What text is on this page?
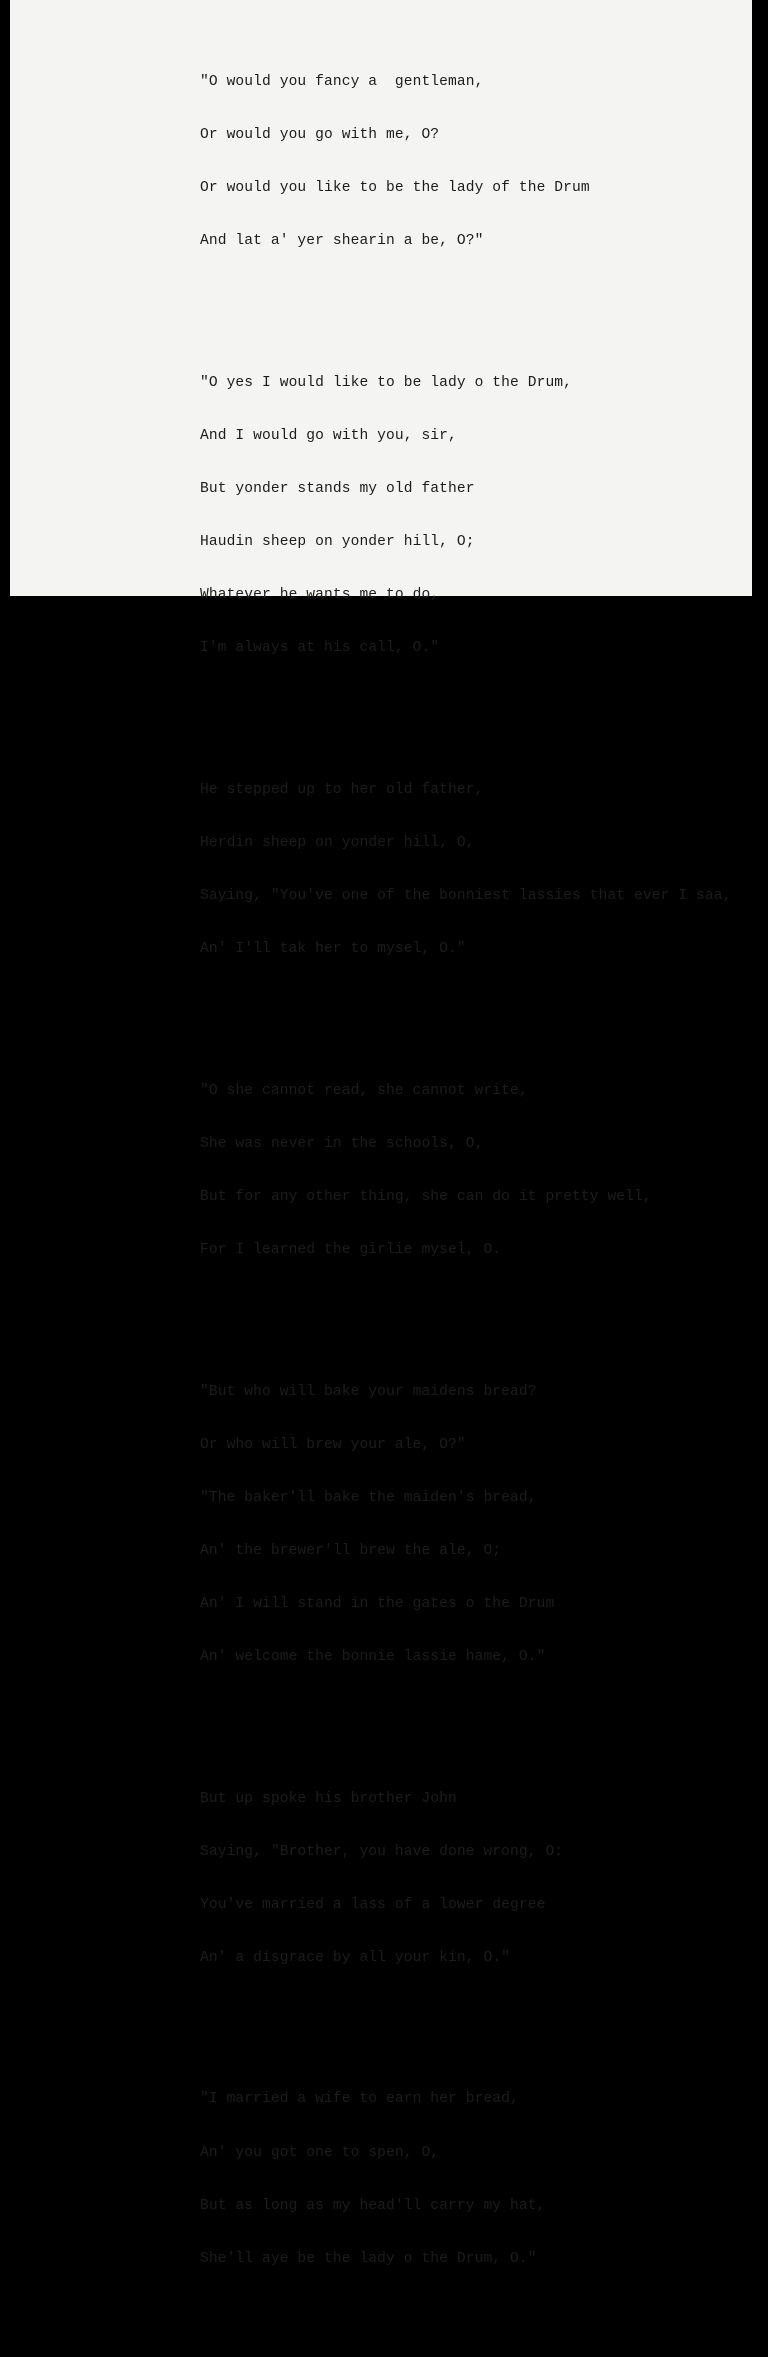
"O would you fancy a  gentleman,

Or would you go with me, O?

Or would you like to be the lady of the Drum

And lat a' yer shearin a be, O?"

"O yes I would like to be lady o the Drum,

And I would go with you, sir,

But yonder stands my old father

Haudin sheep on yonder hill, O;

Whatever he wants me to do,

I'm always at his call, O."

He stepped up to her old father,

Herdin sheep on yonder hill, O,

Saying, "You've one of the bonniest lassies that ever I saa,

An' I'll tak her to mysel, O."

"O she cannot read, she cannot write,

She was never in the schools, O,

But for any other thing, she can do it pretty well,

For I learned the girlie mysel, O.

"But who will bake your maidens bread?

Or who will brew your ale, O?"

"The baker'll bake the maiden's bread,

An' the brewer'll brew the ale, O;

An' I will stand in the gates o the Drum

An' welcome the bonnie lassie hame, O."

But up spoke his brother John

Saying, "Brother, you have done wrong, O:

You've married a lass of a lower degree

An' a disgrace by all your kin, O."

"I married a wife to earn her bread,

An' you got one to spen, O,

But as long as my head'll carry my hat,

She'll aye be the lady o the Drum, O."
